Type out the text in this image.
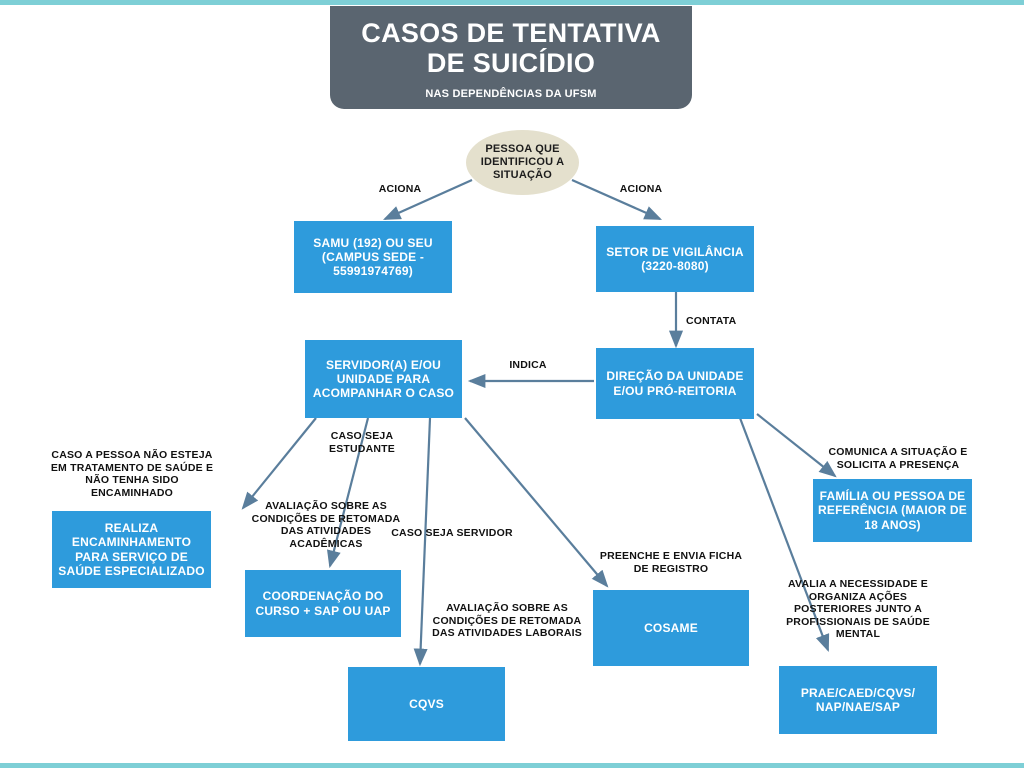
CASOS DE TENTATIVA
DE SUICÍDIO
NAS DEPENDÊNCIAS DA UFSM
PESSOA QUE IDENTIFICOU A SITUAÇÃO
SAMU (192) OU SEU (CAMPUS SEDE - 55991974769)
SETOR DE VIGILÂNCIA (3220-8080)
DIREÇÃO DA UNIDADE E/OU PRÓ-REITORIA
SERVIDOR(A) E/OU UNIDADE PARA ACOMPANHAR O CASO
FAMÍLIA OU PESSOA DE REFERÊNCIA (MAIOR DE 18 ANOS)
REALIZA ENCAMINHAMENTO PARA SERVIÇO DE SAÚDE ESPECIALIZADO
COORDENAÇÃO DO CURSO + SAP OU UAP
CQVS
COSAME
PRAE/CAED/CQVS/ NAP/NAE/SAP
ACIONA	ACIONA
CONTATA
INDICA
CASO A PESSOA NÃO ESTEJA EM TRATAMENTO DE SAÚDE E NÃO TENHA SIDO ENCAMINHADO
CASO SEJA ESTUDANTE
AVALIAÇÃO SOBRE AS CONDIÇÕES DE RETOMADA DAS ATIVIDADES ACADÊMICAS
CASO SEJA SERVIDOR
AVALIAÇÃO SOBRE AS CONDIÇÕES DE RETOMADA DAS ATIVIDADES LABORAIS
PREENCHE E ENVIA FICHA DE REGISTRO
COMUNICA A SITUAÇÃO E SOLICITA A PRESENÇA
AVALIA A NECESSIDADE E ORGANIZA AÇÕES POSTERIORES JUNTO A PROFISSIONAIS DE SAÚDE MENTAL
